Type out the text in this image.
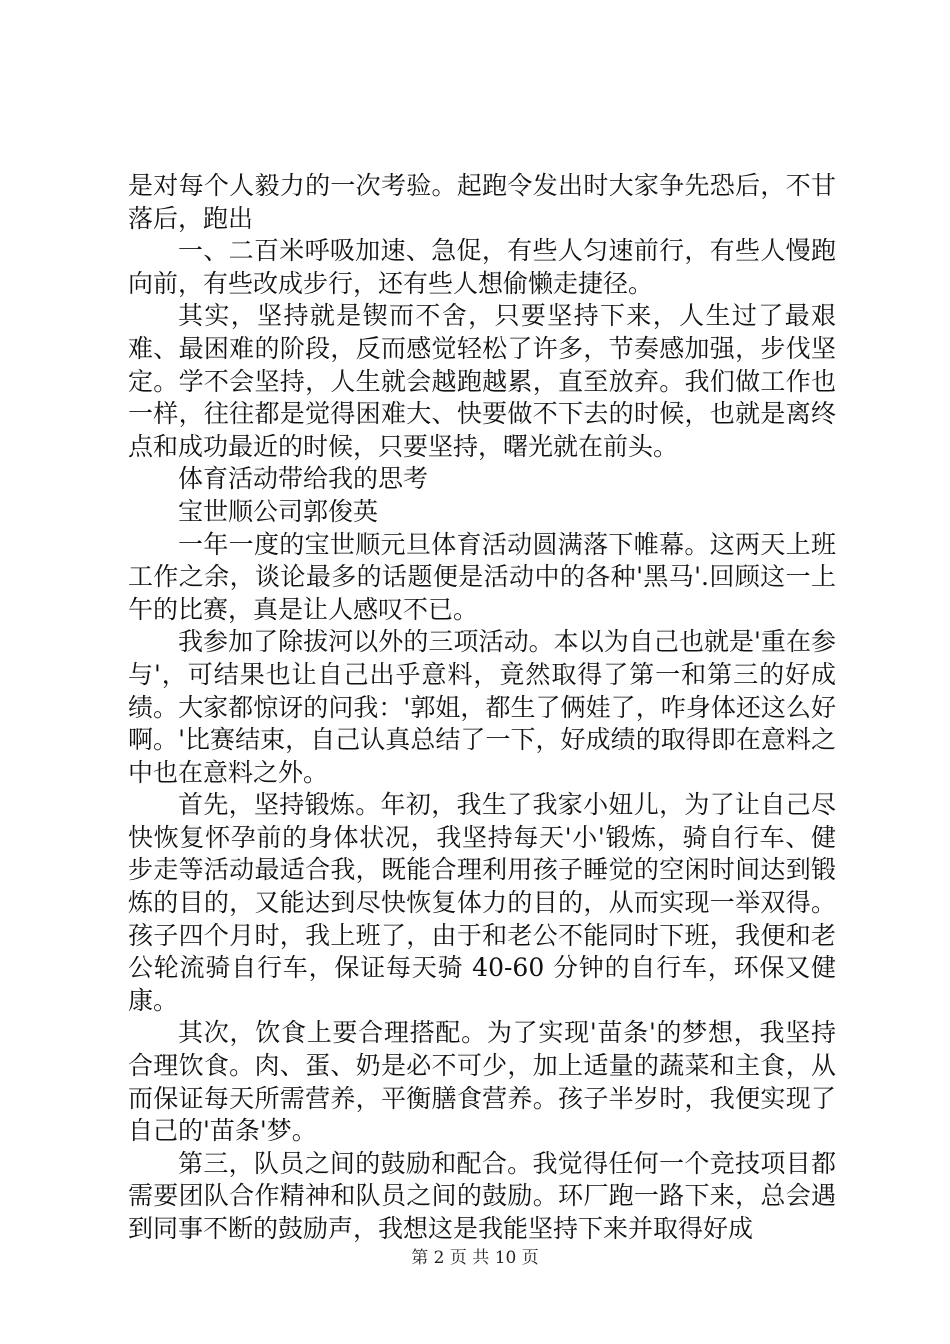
是对每个人毅力的一次考验。起跑令发出时大家争先恐后，不甘落后，跑出

一、二百米呼吸加速、急促，有些人匀速前行，有些人慢跑向前，有些改成步行，还有些人想偷懒走捷径。

其实，坚持就是锲而不舍，只要坚持下来，人生过了最艰难、最困难的阶段，反而感觉轻松了许多，节奏感加强，步伐坚定。学不会坚持，人生就会越跑越累，直至放弃。我们做工作也一样，往往都是觉得困难大、快要做不下去的时候，也就是离终点和成功最近的时候，只要坚持，曙光就在前头。

体育活动带给我的思考

宝世顺公司郭俊英

一年一度的宝世顺元旦体育活动圆满落下帷幕。这两天上班工作之余，谈论最多的话题便是活动中的各种'黑马'.回顾这一上午的比赛，真是让人感叹不已。

我参加了除拔河以外的三项活动。本以为自己也就是'重在参与'，可结果也让自己出乎意料，竟然取得了第一和第三的好成绩。大家都惊讶的问我：'郭姐，都生了俩娃了，咋身体还这么好啊。'比赛结束，自己认真总结了一下，好成绩的取得即在意料之中也在意料之外。

首先，坚持锻炼。年初，我生了我家小妞儿，为了让自己尽快恢复怀孕前的身体状况，我坚持每天'小'锻炼，骑自行车、健步走等活动最适合我，既能合理利用孩子睡觉的空闲时间达到锻炼的目的，又能达到尽快恢复体力的目的，从而实现一举双得。孩子四个月时，我上班了，由于和老公不能同时下班，我便和老公轮流骑自行车，保证每天骑 40-60 分钟的自行车，环保又健康。

其次，饮食上要合理搭配。为了实现'苗条'的梦想，我坚持合理饮食。肉、蛋、奶是必不可少，加上适量的蔬菜和主食，从而保证每天所需营养，平衡膳食营养。孩子半岁时，我便实现了自己的'苗条'梦。

第三，队员之间的鼓励和配合。我觉得任何一个竞技项目都需要团队合作精神和队员之间的鼓励。环厂跑一路下来，总会遇到同事不断的鼓励声，我想这是我能坚持下来并取得好成

第 2 页 共 10 页
